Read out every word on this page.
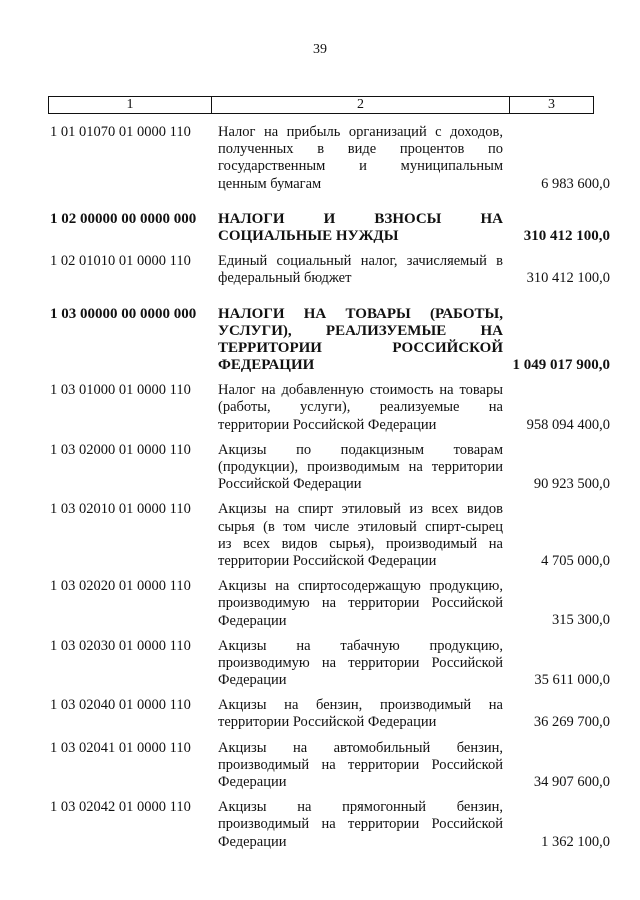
39
1	2	3
1 01 01070 01 0000 110	Налог на прибыль организаций с доходов,
полученных в виде процентов по
государственным и муниципальным
ценным бумагам	6 983 600,0
1 02 00000 00 0000 000	НАЛОГИ И ВЗНОСЫ НА
СОЦИАЛЬНЫЕ НУЖДЫ	310 412 100,0
1 02 01010 01 0000 110	Единый социальный налог, зачисляемый в
федеральный бюджет	310 412 100,0
1 03 00000 00 0000 000	НАЛОГИ НА ТОВАРЫ (РАБОТЫ,
УСЛУГИ), РЕАЛИЗУЕМЫЕ НА
ТЕРРИТОРИИ РОССИЙСКОЙ
ФЕДЕРАЦИИ	1 049 017 900,0
1 03 01000 01 0000 110	Налог на добавленную стоимость на товары
(работы, услуги), реализуемые на
территории Российской Федерации	958 094 400,0
1 03 02000 01 0000 110	Акцизы по подакцизным товарам
(продукции), производимым на территории
Российской Федерации	90 923 500,0
1 03 02010 01 0000 110	Акцизы на спирт этиловый из всех видов
сырья (в том числе этиловый спирт-сырец
из всех видов сырья), производимый на
территории Российской Федерации	4 705 000,0
1 03 02020 01 0000 110	Акцизы на спиртосодержащую продукцию,
производимую на территории Российской
Федерации	315 300,0
1 03 02030 01 0000 110	Акцизы на табачную продукцию,
производимую на территории Российской
Федерации	35 611 000,0
1 03 02040 01 0000 110	Акцизы на бензин, производимый на
территории Российской Федерации	36 269 700,0
1 03 02041 01 0000 110	Акцизы на автомобильный бензин,
производимый на территории Российской
Федерации	34 907 600,0
1 03 02042 01 0000 110	Акцизы на прямогонный бензин,
производимый на территории Российской
Федерации	1 362 100,0
